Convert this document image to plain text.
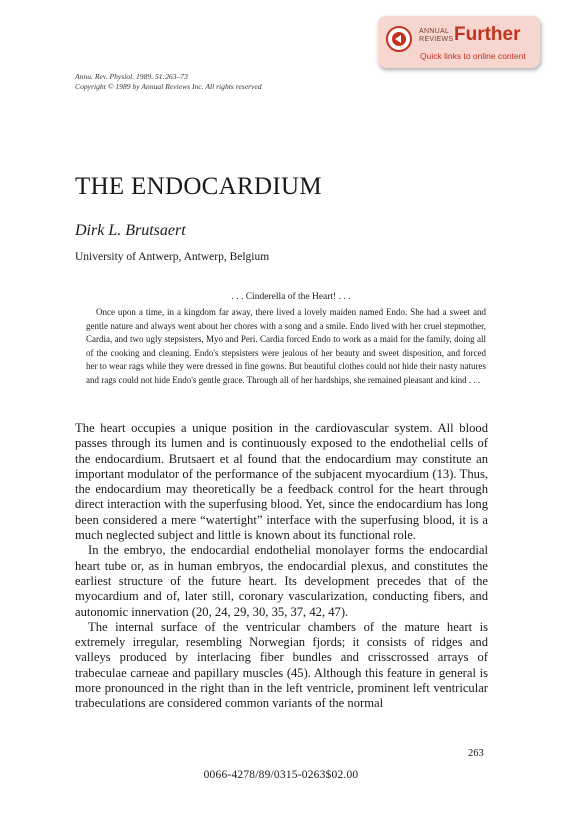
ANNUAL
REVIEWS Further
Quick links to online content
Annu. Rev. Physiol. 1989. 51:263–73
Copyright © 1989 by Annual Reviews Inc. All rights reserved
THE ENDOCARDIUM
Dirk L. Brutsaert
University of Antwerp, Antwerp, Belgium
. . . Cinderella of the Heart! . . .

Once upon a time, in a kingdom far away, there lived a lovely maiden named Endo. She had a sweet and gentle nature and always went about her chores with a song and a smile. Endo lived with her cruel stepmother, Cardia, and two ugly stepsisters, Myo and Peri. Cardia forced Endo to work as a maid for the family, doing all of the cooking and cleaning. Endo's stepsisters were jealous of her beauty and sweet disposition, and forced her to wear rags while they were dressed in fine gowns. But beautiful clothes could not hide their nasty natures and rags could not hide Endo's gentle grace. Through all of her hardships, she remained pleasant and kind . . .

The heart occupies a unique position in the cardiovascular system. All blood passes through its lumen and is continuously exposed to the endothelial cells of the endocardium. Brutsaert et al found that the endocardium may constitute an important modulator of the performance of the subjacent myocardium (13). Thus, the endocardium may theoretically be a feedback control for the heart through direct interaction with the superfusing blood. Yet, since the endocardium has long been considered a mere “watertight” interface with the superfusing blood, it is a much neglected subject and little is known about its functional role.

In the embryo, the endocardial endothelial monolayer forms the endocardial heart tube or, as in human embryos, the endocardial plexus, and constitutes the earliest structure of the future heart. Its development precedes that of the myocardium and of, later still, coronary vascularization, conducting fibers, and autonomic innervation (20, 24, 29, 30, 35, 37, 42, 47).

The internal surface of the ventricular chambers of the mature heart is extremely irregular, resembling Norwegian fjords; it consists of ridges and valleys produced by interlacing fiber bundles and crisscrossed arrays of trabeculae carneae and papillary muscles (45). Although this feature in general is more pronounced in the right than in the left ventricle, prominent left ventricular trabeculations are considered common variants of the normal

263
0066-4278/89/0315-0263$02.00
